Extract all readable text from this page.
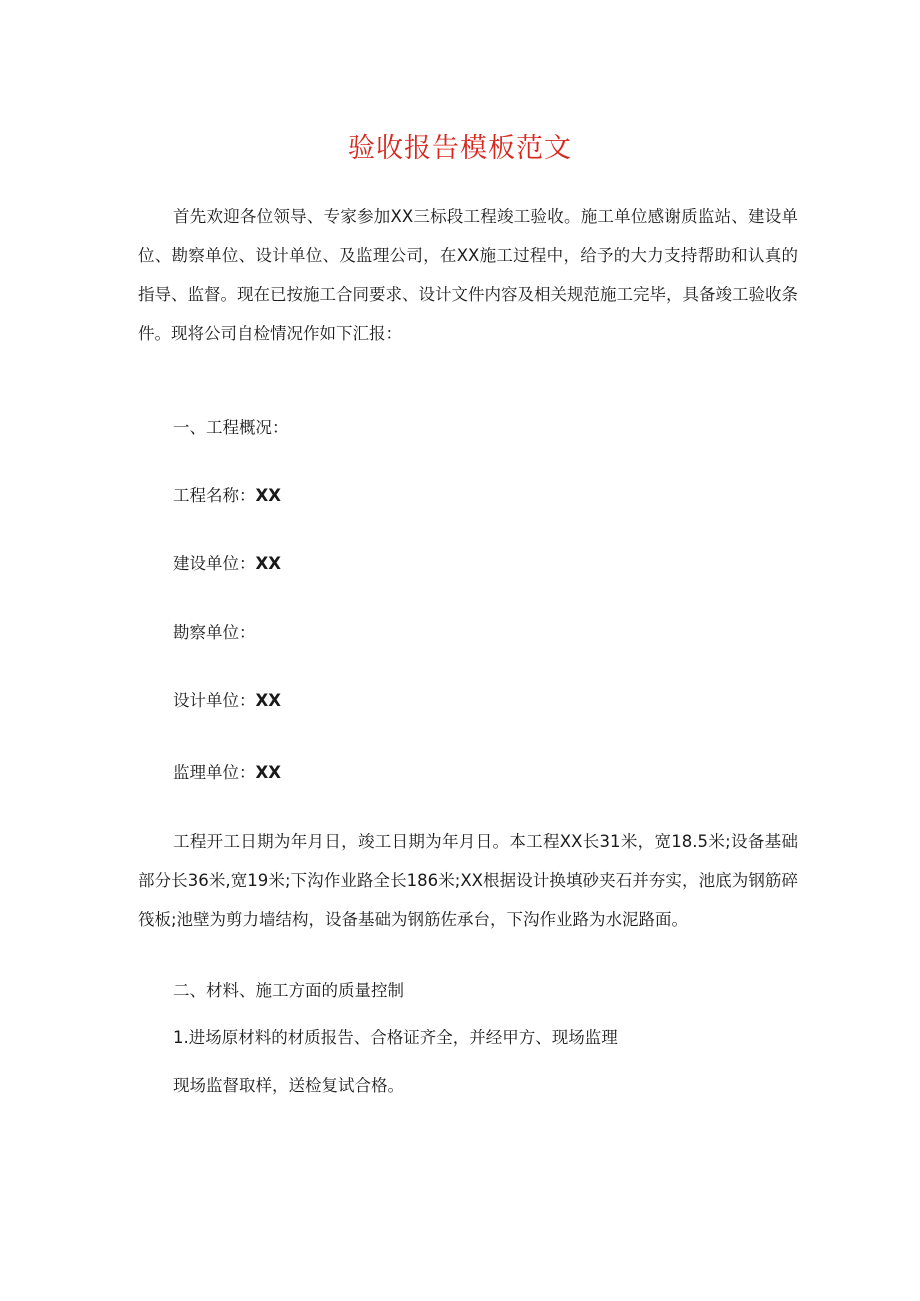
验收报告模板范文

首先欢迎各位领导、专家参加XX三标段工程竣工验收。施工单位感谢质监站、建设单位、勘察单位、设计单位、及监理公司，在XX施工过程中，给予的大力支持帮助和认真的指导、监督。现在已按施工合同要求、设计文件内容及相关规范施工完毕，具备竣工验收条件。现将公司自检情况作如下汇报：

一、工程概况：

工程名称：XX

建设单位：XX

勘察单位：

设计单位：XX

监理单位：XX

工程开工日期为年月日，竣工日期为年月日。本工程XX长31米，宽18.5米;设备基础部分长36米,宽19米;下沟作业路全长186米;XX根据设计换填砂夹石并夯实，池底为钢筋碎筏板;池壁为剪力墙结构，设备基础为钢筋佐承台，下沟作业路为水泥路面。

二、材料、施工方面的质量控制

1.进场原材料的材质报告、合格证齐全，并经甲方、现场监理

现场监督取样，送检复试合格。
